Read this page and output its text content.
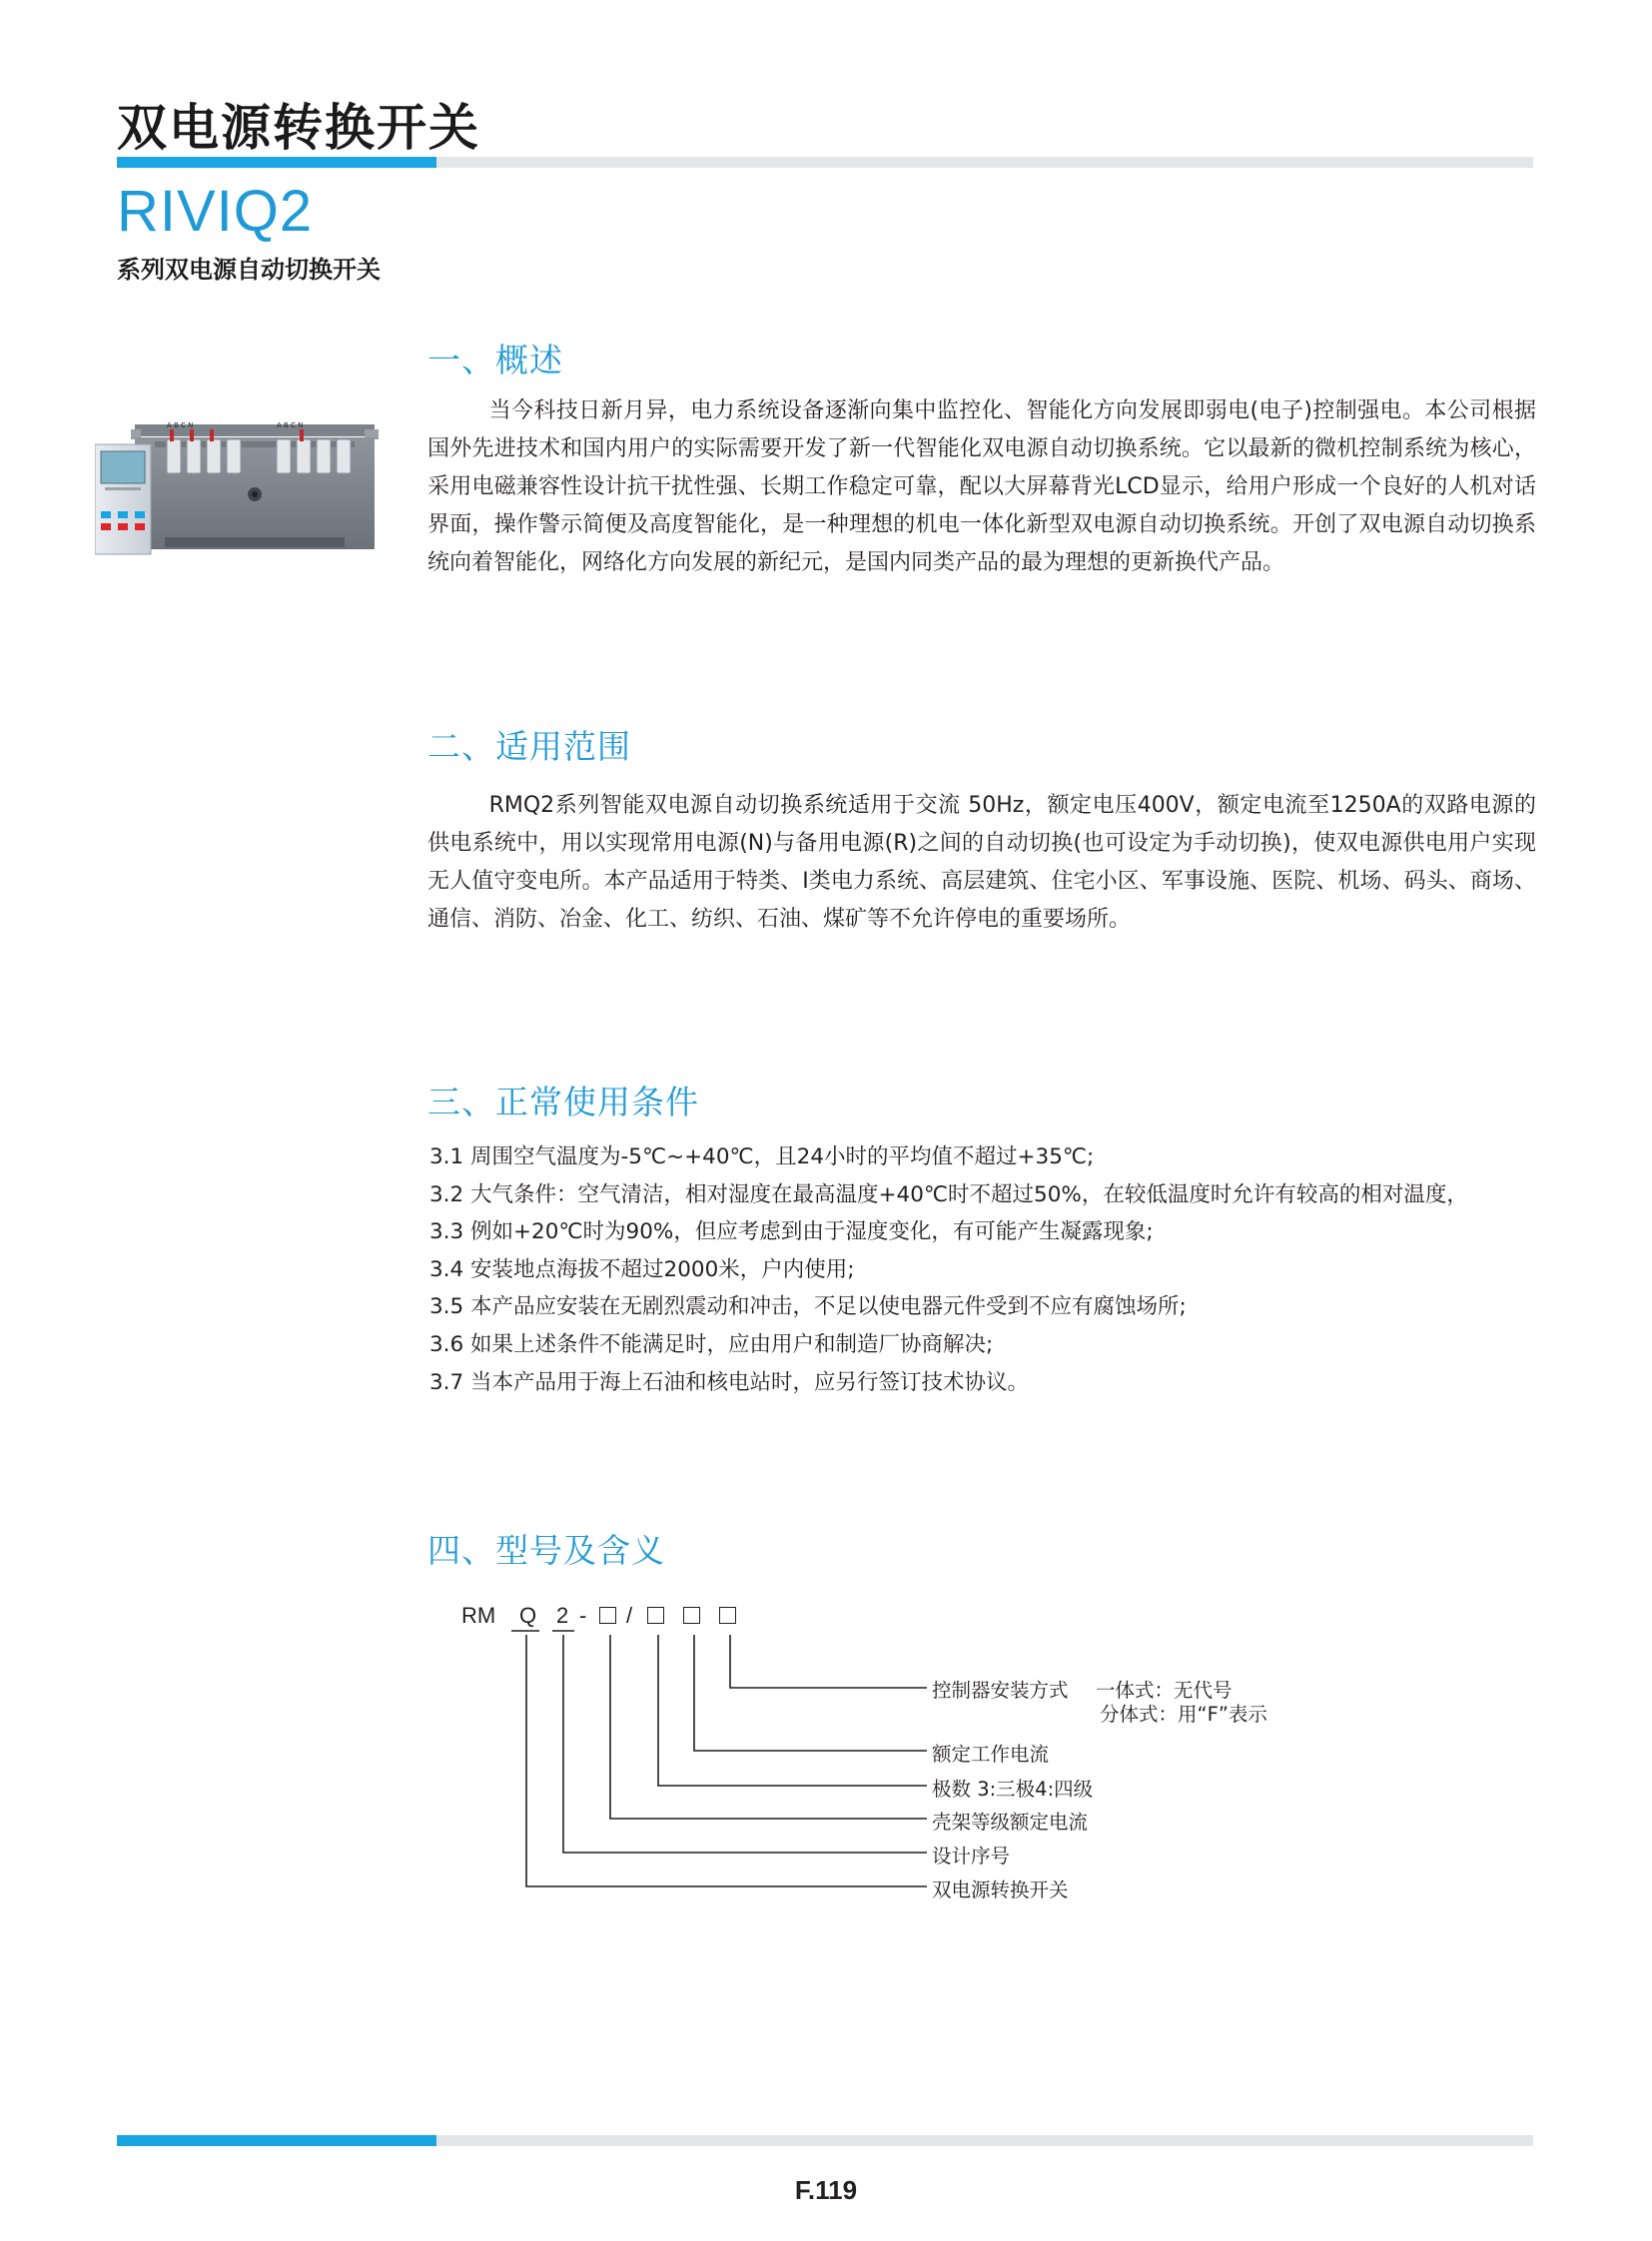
双电源转换开关
RIVIQ2
系列双电源自动切换开关
A B C N	A B C N
一、概述

当今科技日新月异，电力系统设备逐渐向集中监控化、智能化方向发展即弱电(电子)控制强电。本公司根据国外先进技术和国内用户的实际需要开发了新一代智能化双电源自动切换系统。它以最新的微机控制系统为核心，采用电磁兼容性设计抗干扰性强、长期工作稳定可靠，配以大屏幕背光LCD显示，给用户形成一个良好的人机对话界面，操作警示简便及高度智能化，是一种理想的机电一体化新型双电源自动切换系统。开创了双电源自动切换系统向着智能化，网络化方向发展的新纪元，是国内同类产品的最为理想的更新换代产品。

二、适用范围

RMQ2系列智能双电源自动切换系统适用于交流 50Hz，额定电压400V，额定电流至1250A的双路电源的供电系统中，用以实现常用电源(N)与备用电源(R)之间的自动切换(也可设定为手动切换)，使双电源供电用户实现无人值守变电所。本产品适用于特类、I类电力系统、高层建筑、住宅小区、军事设施、医院、机场、码头、商场、通信、消防、冶金、化工、纺织、石油、煤矿等不允许停电的重要场所。

三、正常使用条件
3.1 周围空气温度为-5℃~+40℃，且24小时的平均值不超过+35℃;
3.2 大气条件：空气清洁，相对湿度在最高温度+40℃时不超过50%，在较低温度时允许有较高的相对温度，
3.3 例如+20℃时为90%，但应考虑到由于湿度变化，有可能产生凝露现象;
3.4 安装地点海拔不超过2000米，户内使用;
3.5 本产品应安装在无剧烈震动和冲击，不足以使电器元件受到不应有腐蚀场所;
3.6 如果上述条件不能满足时，应由用户和制造厂协商解决;
3.7 当本产品用于海上石油和核电站时，应另行签订技术协议。
四、型号及含义
RM Q 2 - /
控制器安装方式 一体式：无代号
分体式：用“F”表示
额定工作电流
极数 3:三极4:四级
壳架等级额定电流
设计序号
双电源转换开关
F.119
